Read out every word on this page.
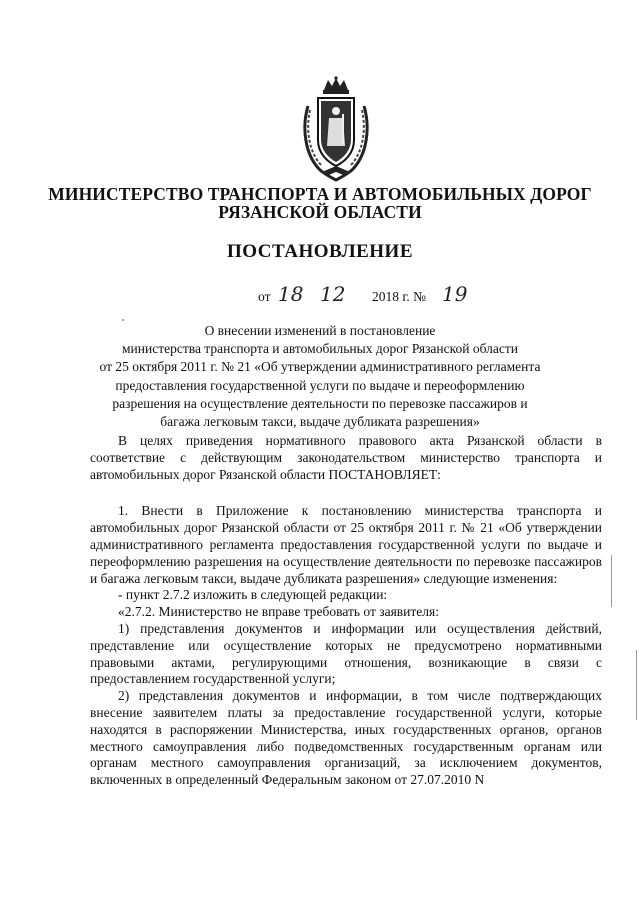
МИНИСТЕРСТВО ТРАНСПОРТА И АВТОМОБИЛЬНЫХ ДОРОГ
РЯЗАНСКОЙ ОБЛАСТИ
ПОСТАНОВЛЕНИЕ
от 18 12 2018 г. № 19
О внесении изменений в постановление
министерства транспорта и автомобильных дорог Рязанской области
от 25 октября 2011 г. № 21 «Об утверждении административного регламента
предоставления государственной услуги по выдаче и переоформлению
разрешения на осуществление деятельности по перевозке пассажиров и
багажа легковым такси, выдаче дубликата разрешения»

В целях приведения нормативного правового акта Рязанской области в соответствие с действующим законодательством министерство транспорта и автомобильных дорог Рязанской области ПОСТАНОВЛЯЕТ:

1. Внести в Приложение к постановлению министерства транспорта и автомобильных дорог Рязанской области от 25 октября 2011 г. № 21 «Об утверждении административного регламента предоставления государственной услуги по выдаче и переоформлению разрешения на осуществление деятельности по перевозке пассажиров и багажа легковым такси, выдаче дубликата разрешения» следующие изменения:

- пункт 2.7.2 изложить в следующей редакции:

«2.7.2. Министерство не вправе требовать от заявителя:

1) представления документов и информации или осуществления действий, представление или осуществление которых не предусмотрено нормативными правовыми актами, регулирующими отношения, возникающие в связи с предоставлением государственной услуги;

2) представления документов и информации, в том числе подтверждающих внесение заявителем платы за предоставление государственной услуги, которые находятся в распоряжении Министерства, иных государственных органов, органов местного самоуправления либо подведомственных государственным органам или органам местного самоуправления организаций, за исключением документов, включенных в определенный Федеральным законом от 27.07.2010 N
